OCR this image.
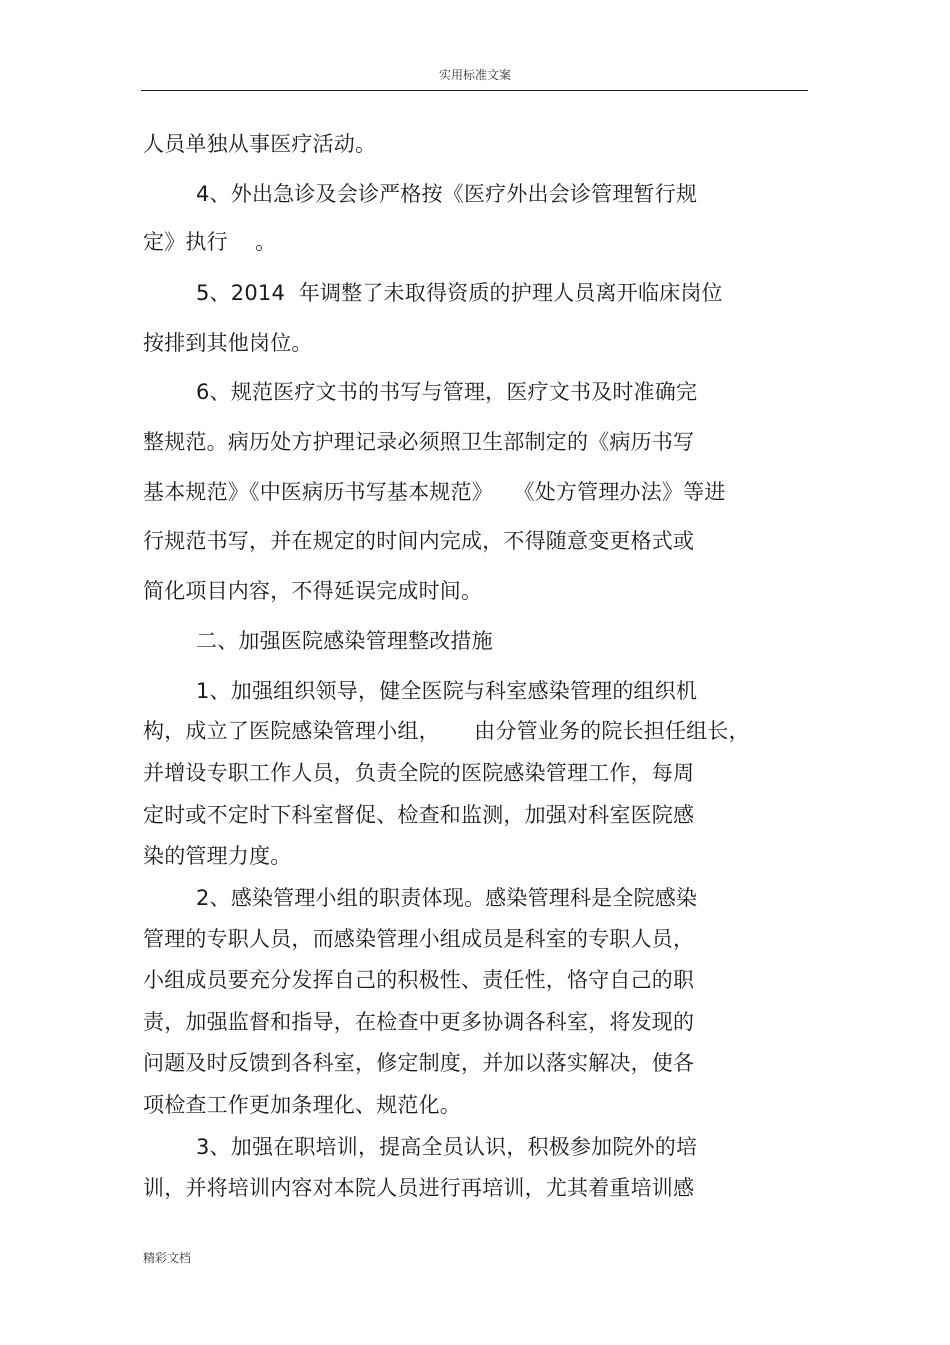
实用标准文案
人员单独从事医疗活动。
4、外出急诊及会诊严格按《医疗外出会诊管理暂行规
定》执行    。
5、2014  年调整了未取得资质的护理人员离开临床岗位
按排到其他岗位。
6、规范医疗文书的书写与管理，医疗文书及时准确完
整规范。病历处方护理记录必须照卫生部制定的《病历书写
基本规范》《中医病历书写基本规范》   《处方管理办法》等进
行规范书写，并在规定的时间内完成，不得随意变更格式或
简化项目内容，不得延误完成时间。
二、加强医院感染管理整改措施
1、加强组织领导，健全医院与科室感染管理的组织机
构，成立了医院感染管理小组，     由分管业务的院长担任组长，
并增设专职工作人员，负责全院的医院感染管理工作，每周
定时或不定时下科室督促、检查和监测，加强对科室医院感
染的管理力度。
2、感染管理小组的职责体现。感染管理科是全院感染
管理的专职人员，而感染管理小组成员是科室的专职人员，
小组成员要充分发挥自己的积极性、责任性，恪守自己的职
责，加强监督和指导，在检查中更多协调各科室，将发现的
问题及时反馈到各科室，修定制度，并加以落实解决，使各
项检查工作更加条理化、规范化。
3、加强在职培训，提高全员认识，积极参加院外的培
训，并将培训内容对本院人员进行再培训，尤其着重培训感
精彩文档
